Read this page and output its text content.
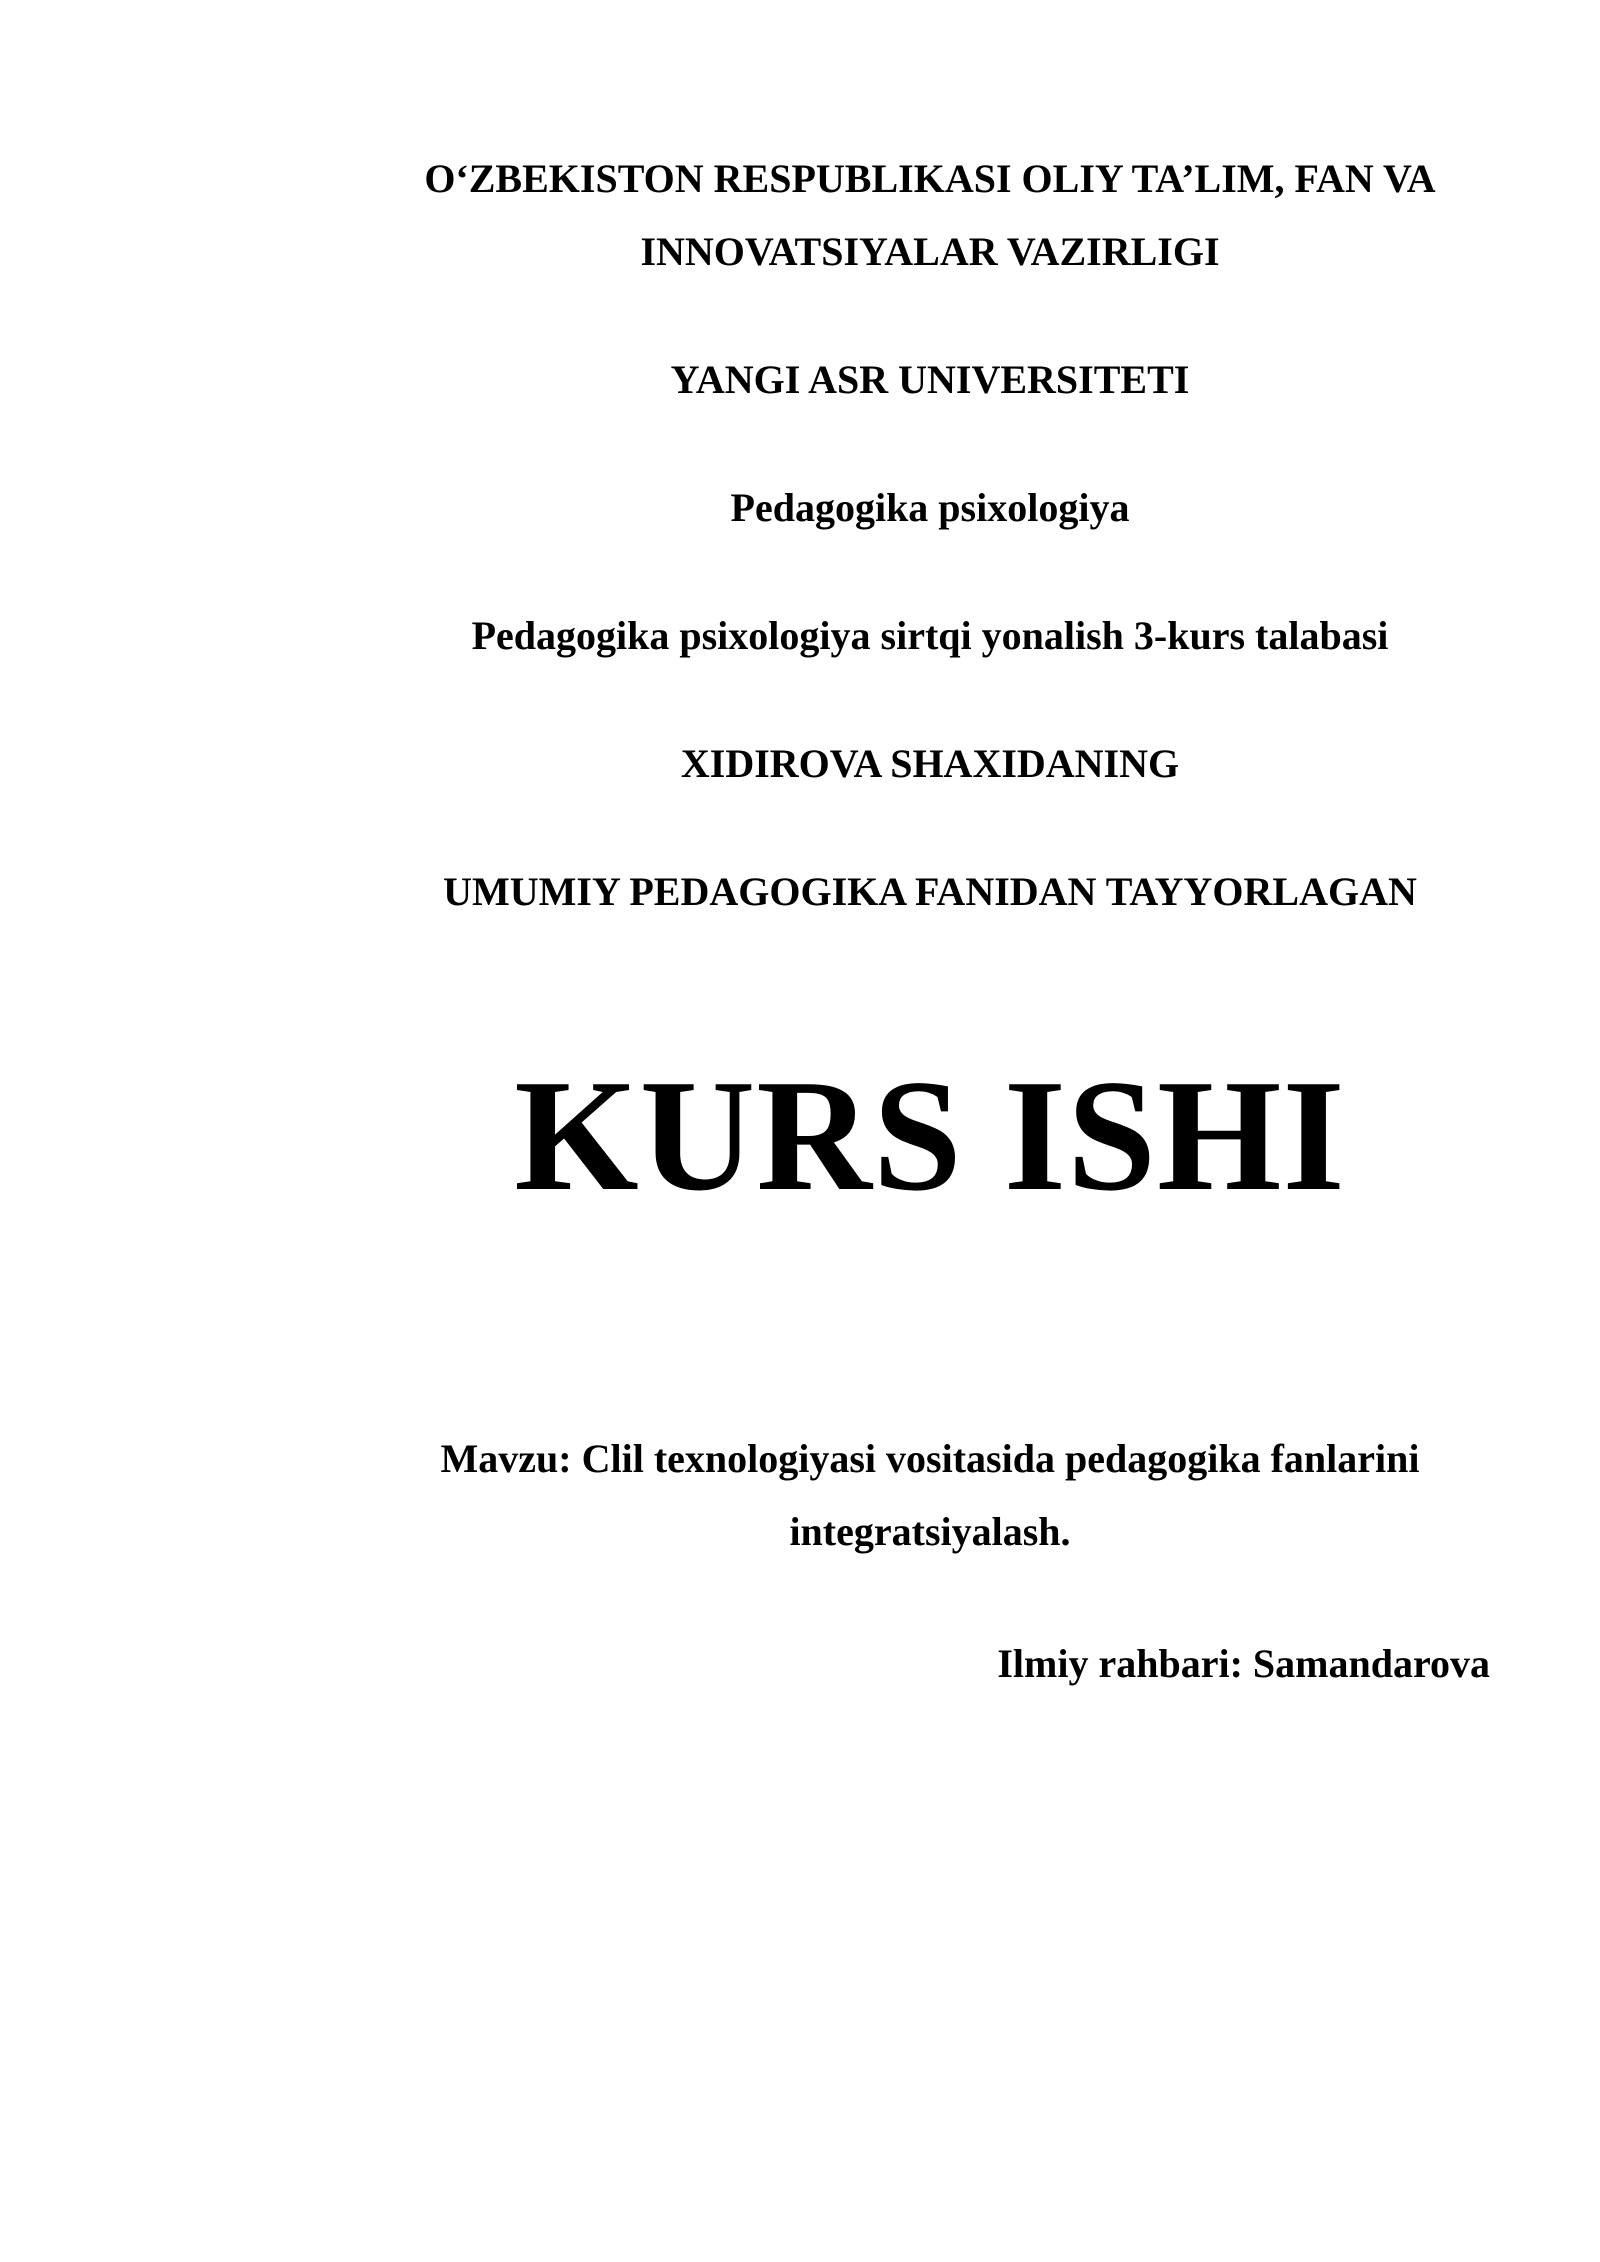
O‘ZBEKISTON RESPUBLIKASI OLIY TA’LIM, FAN VA
INNOVATSIYALAR VAZIRLIGI
YANGI ASR UNIVERSITETI
Pedagogika psixologiya
Pedagogika psixologiya sirtqi yonalish 3-kurs talabasi
XIDIROVA SHAXIDANING
UMUMIY PEDAGOGIKA FANIDAN TAYYORLAGAN
KURS ISHI
Mavzu: Clil texnologiyasi vositasida pedagogika fanlarini
integratsiyalash.
Ilmiy rahbari: Samandarova
